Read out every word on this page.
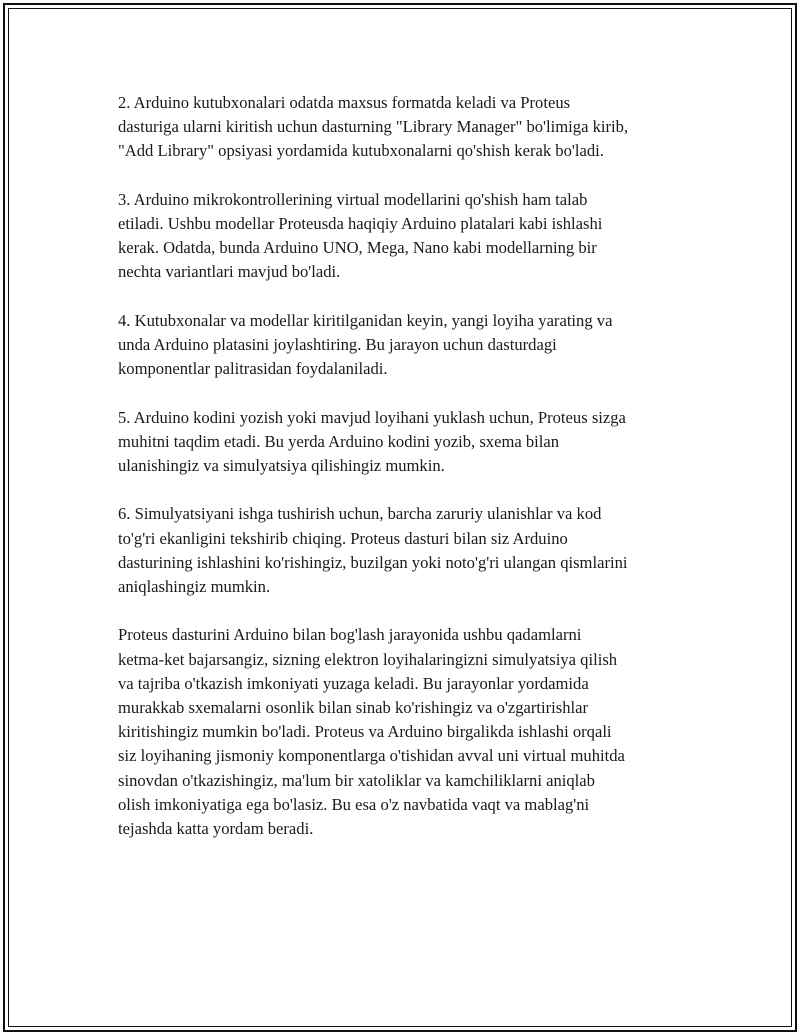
2. Arduino kutubxonalari odatda maxsus formatda keladi va Proteus
dasturiga ularni kiritish uchun dasturning "Library Manager" bo'limiga kirib,
"Add Library" opsiyasi yordamida kutubxonalarni qo'shish kerak bo'ladi.

3. Arduino mikrokontrollerining virtual modellarini qo'shish ham talab
etiladi. Ushbu modellar Proteusda haqiqiy Arduino platalari kabi ishlashi
kerak. Odatda, bunda Arduino UNO, Mega, Nano kabi modellarning bir
nechta variantlari mavjud bo'ladi.

4. Kutubxonalar va modellar kiritilganidan keyin, yangi loyiha yarating va
unda Arduino platasini joylashtiring. Bu jarayon uchun dasturdagi
komponentlar palitrasidan foydalaniladi.

5. Arduino kodini yozish yoki mavjud loyihani yuklash uchun, Proteus sizga
muhitni taqdim etadi. Bu yerda Arduino kodini yozib, sxema bilan
ulanishingiz va simulyatsiya qilishingiz mumkin.

6. Simulyatsiyani ishga tushirish uchun, barcha zaruriy ulanishlar va kod
to'g'ri ekanligini tekshirib chiqing. Proteus dasturi bilan siz Arduino
dasturining ishlashini ko'rishingiz, buzilgan yoki noto'g'ri ulangan qismlarini
aniqlashingiz mumkin.

Proteus dasturini Arduino bilan bog'lash jarayonida ushbu qadamlarni
ketma-ket bajarsangiz, sizning elektron loyihalaringizni simulyatsiya qilish
va tajriba o'tkazish imkoniyati yuzaga keladi. Bu jarayonlar yordamida
murakkab sxemalarni osonlik bilan sinab ko'rishingiz va o'zgartirishlar
kiritishingiz mumkin bo'ladi. Proteus va Arduino birgalikda ishlashi orqali
siz loyihaning jismoniy komponentlarga o'tishidan avval uni virtual muhitda
sinovdan o'tkazishingiz, ma'lum bir xatoliklar va kamchiliklarni aniqlab
olish imkoniyatiga ega bo'lasiz. Bu esa o'z navbatida vaqt va mablag'ni
tejashda katta yordam beradi.
